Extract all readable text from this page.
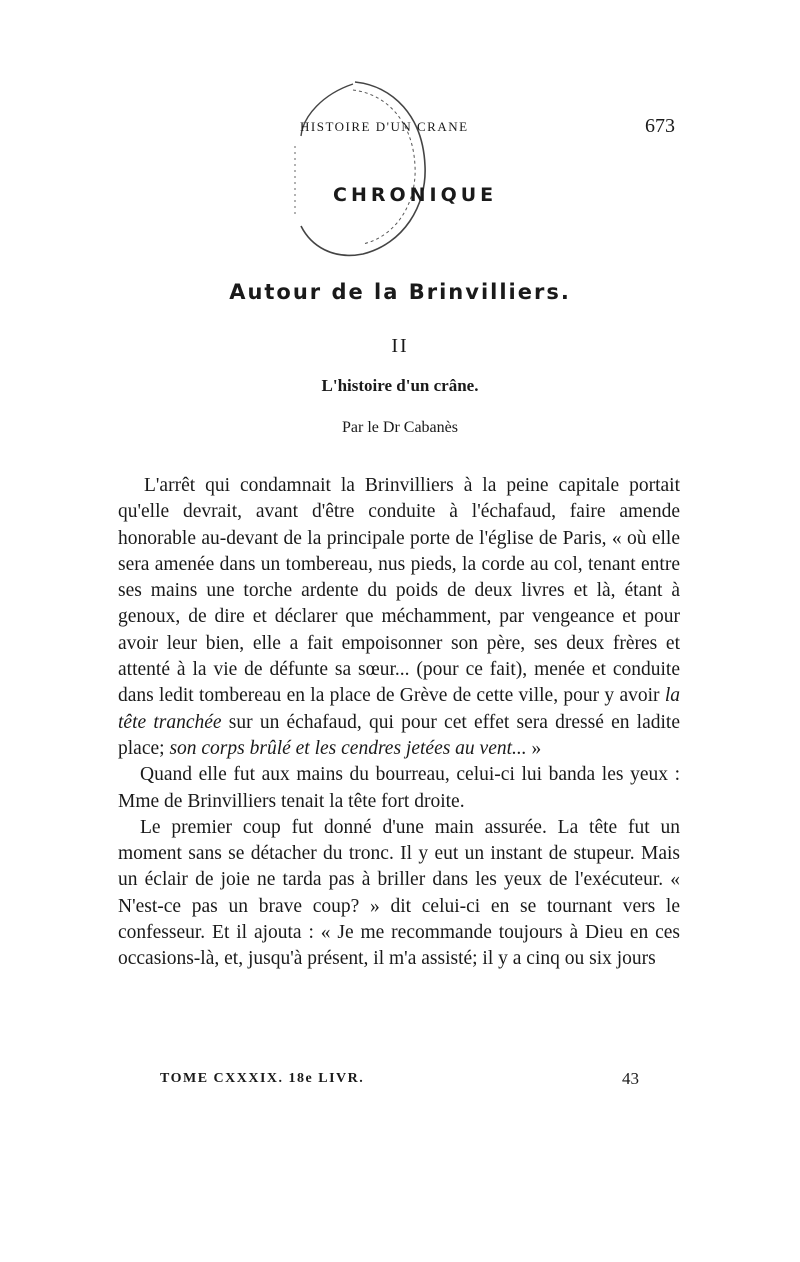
HISTOIRE D'UN CRANE	673
CHRONIQUE
Autour de la Brinvilliers.
II
L'histoire d'un crâne.
Par le Dr Cabanès

L'arrêt qui condamnait la Brinvilliers à la peine capitale portait qu'elle devrait, avant d'être conduite à l'échafaud, faire amende honorable au-devant de la principale porte de l'église de Paris, « où elle sera amenée dans un tombereau, nus pieds, la corde au col, tenant entre ses mains une torche ardente du poids de deux livres et là, étant à genoux, de dire et déclarer que méchamment, par vengeance et pour avoir leur bien, elle a fait empoisonner son père, ses deux frères et attenté à la vie de défunte sa sœur... (pour ce fait), menée et conduite dans ledit tombereau en la place de Grève de cette ville, pour y avoir la tête tranchée sur un échafaud, qui pour cet effet sera dressé en ladite place; son corps brûlé et les cendres jetées au vent... »

Quand elle fut aux mains du bourreau, celui-ci lui banda les yeux : Mme de Brinvilliers tenait la tête fort droite.

Le premier coup fut donné d'une main assurée. La tête fut un moment sans se détacher du tronc. Il y eut un instant de stupeur. Mais un éclair de joie ne tarda pas à briller dans les yeux de l'exécuteur. « N'est-ce pas un brave coup? » dit celui-ci en se tournant vers le confesseur. Et il ajouta : « Je me recommande toujours à Dieu en ces occasions-là, et, jusqu'à présent, il m'a assisté; il y a cinq ou six jours

TOME CXXXIX. 18e LIVR.	43
